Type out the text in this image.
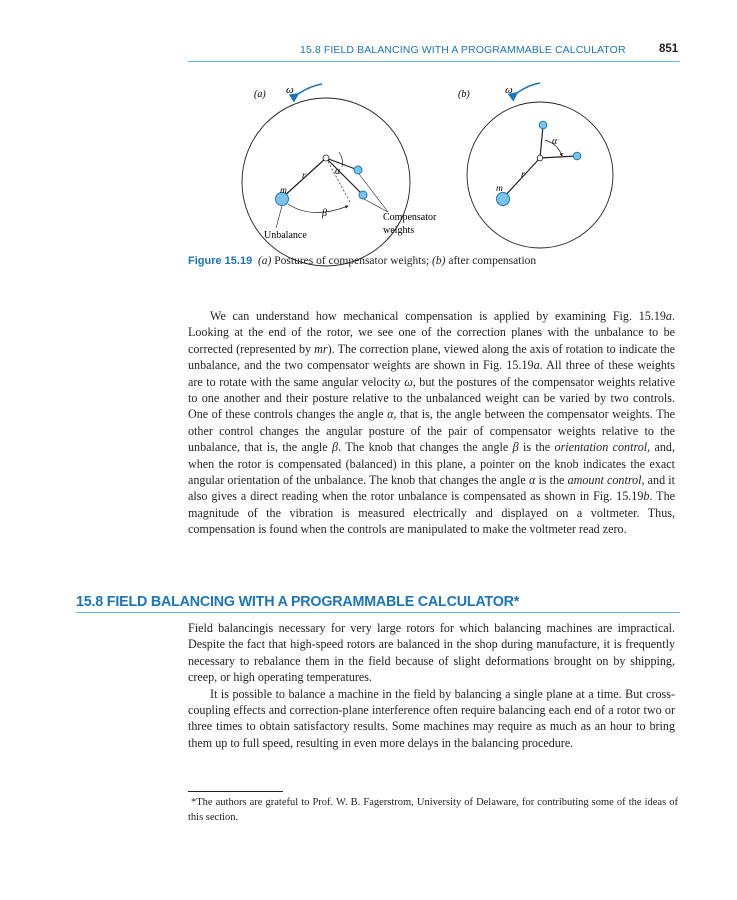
15.8 FIELD BALANCING WITH A PROGRAMMABLE CALCULATOR	851
(a) ω
α
β
r
m
Unbalance
Compensator
weights
(b)	ω
α
r
m
Figure 15.19 (a) Postures of compensator weights; (b) after compensation

We can understand how mechanical compensation is applied by examining Fig. 15.19a. Looking at the end of the rotor, we see one of the correction planes with the unbalance to be corrected (represented by mr). The correction plane, viewed along the axis of rotation to indicate the unbalance, and the two compensator weights are shown in Fig. 15.19a. All three of these weights are to rotate with the same angular velocity ω, but the postures of the compensator weights relative to one another and their posture relative to the unbalanced weight can be varied by two controls. One of these controls changes the angle α, that is, the angle between the compensator weights. The other control changes the angular posture of the pair of compensator weights relative to the unbalance, that is, the angle β. The knob that changes the angle β is the orientation control, and, when the rotor is compensated (balanced) in this plane, a pointer on the knob indicates the exact angular orientation of the unbalance. The knob that changes the angle α is the amount control, and it also gives a direct reading when the rotor unbalance is compensated as shown in Fig. 15.19b. The magnitude of the vibration is measured electrically and displayed on a voltmeter. Thus, compensation is found when the controls are manipulated to make the voltmeter read zero.

15.8 FIELD BALANCING WITH A PROGRAMMABLE CALCULATOR*

Field balancingis necessary for very large rotors for which balancing machines are impractical. Despite the fact that high-speed rotors are balanced in the shop during manufacture, it is frequently necessary to rebalance them in the field because of slight deformations brought on by shipping, creep, or high operating temperatures.

It is possible to balance a machine in the field by balancing a single plane at a time. But cross-coupling effects and correction-plane interference often require balancing each end of a rotor two or three times to obtain satisfactory results. Some machines may require as much as an hour to bring them up to full speed, resulting in even more delays in the balancing procedure.

*The authors are grateful to Prof. W. B. Fagerstrom, University of Delaware, for contributing some of the ideas of this section.
